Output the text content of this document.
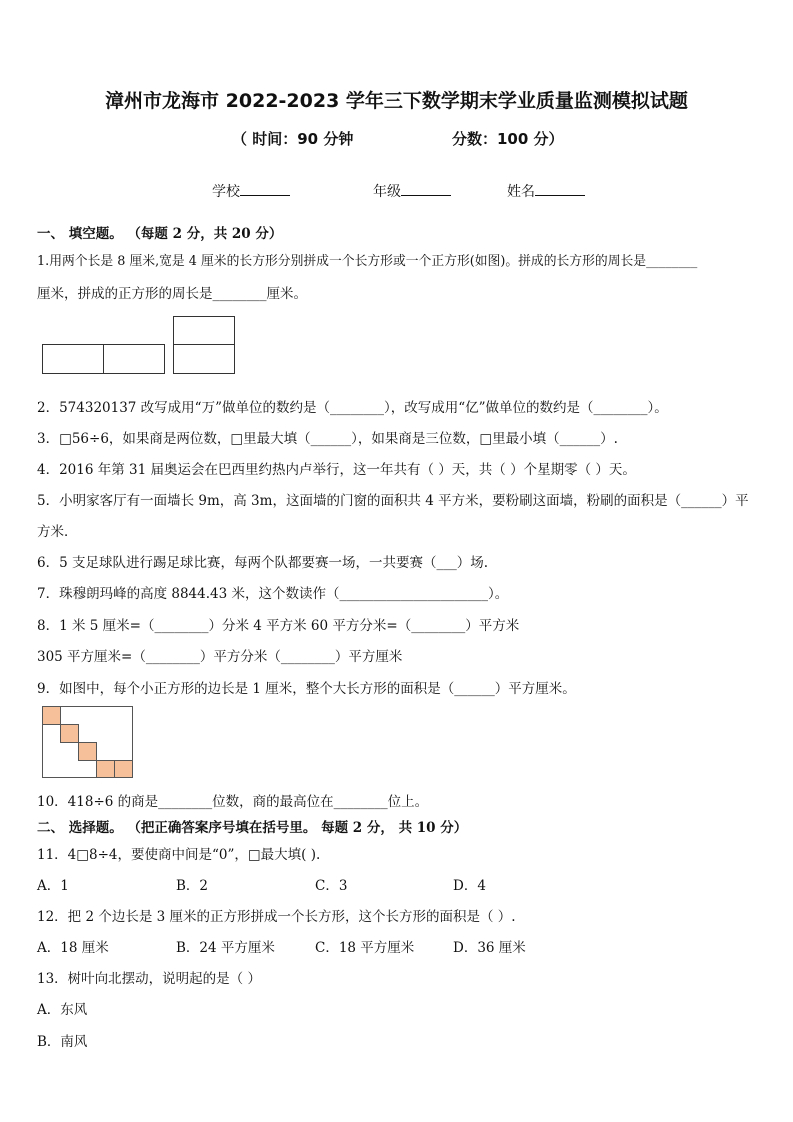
漳州市龙海市 2022-2023 学年三下数学期末学业质量监测模拟试题
（ 时间：90 分钟	分数：100 分）
学校	年级	姓名
一、 填空题。 （每题 2 分，共 20 分）
1.用两个长是 8 厘米,宽是 4 厘米的长方形分别拼成一个长方形或一个正方形(如图)。拼成的长方形的周长是________
厘米，拼成的正方形的周长是________厘米。
2．574320137 改写成用“万”做单位的数约是（________），改写成用“亿”做单位的数约是（________）。
3．□56÷6，如果商是两位数，□里最大填（______），如果商是三位数，□里最小填（______）.
4．2016 年第 31 届奥运会在巴西里约热内卢举行，这一年共有（ ）天，共（ ）个星期零（ ）天。
5．小明家客厅有一面墙长 9m，高 3m，这面墙的门窗的面积共 4 平方米，要粉刷这面墙，粉刷的面积是（______）平
方米．
6．5 支足球队进行踢足球比赛，每两个队都要赛一场，一共要赛（___）场.
7．珠穆朗玛峰的高度 8844.43 米，这个数读作（______________________）。
8．1 米 5 厘米=（________）分米 4 平方米 60 平方分米=（________）平方米
305 平方厘米=（________）平方分米（________）平方厘米
9．如图中，每个小正方形的边长是 1 厘米，整个大长方形的面积是（______）平方厘米。
10．418÷6 的商是________位数，商的最高位在________位上。
二、 选择题。 （把正确答案序号填在括号里。 每题 2 分， 共 10 分）
11．4□8÷4，要使商中间是“0”，□最大填( ).
A．1	B．2	C．3	D．4
12．把 2 个边长是 3 厘米的正方形拼成一个长方形，这个长方形的面积是（ ）.
A．18 厘米	B．24 平方厘米	C．18 平方厘米	D．36 厘米
13．树叶向北摆动，说明起的是（ ）
A．东风
B．南风
